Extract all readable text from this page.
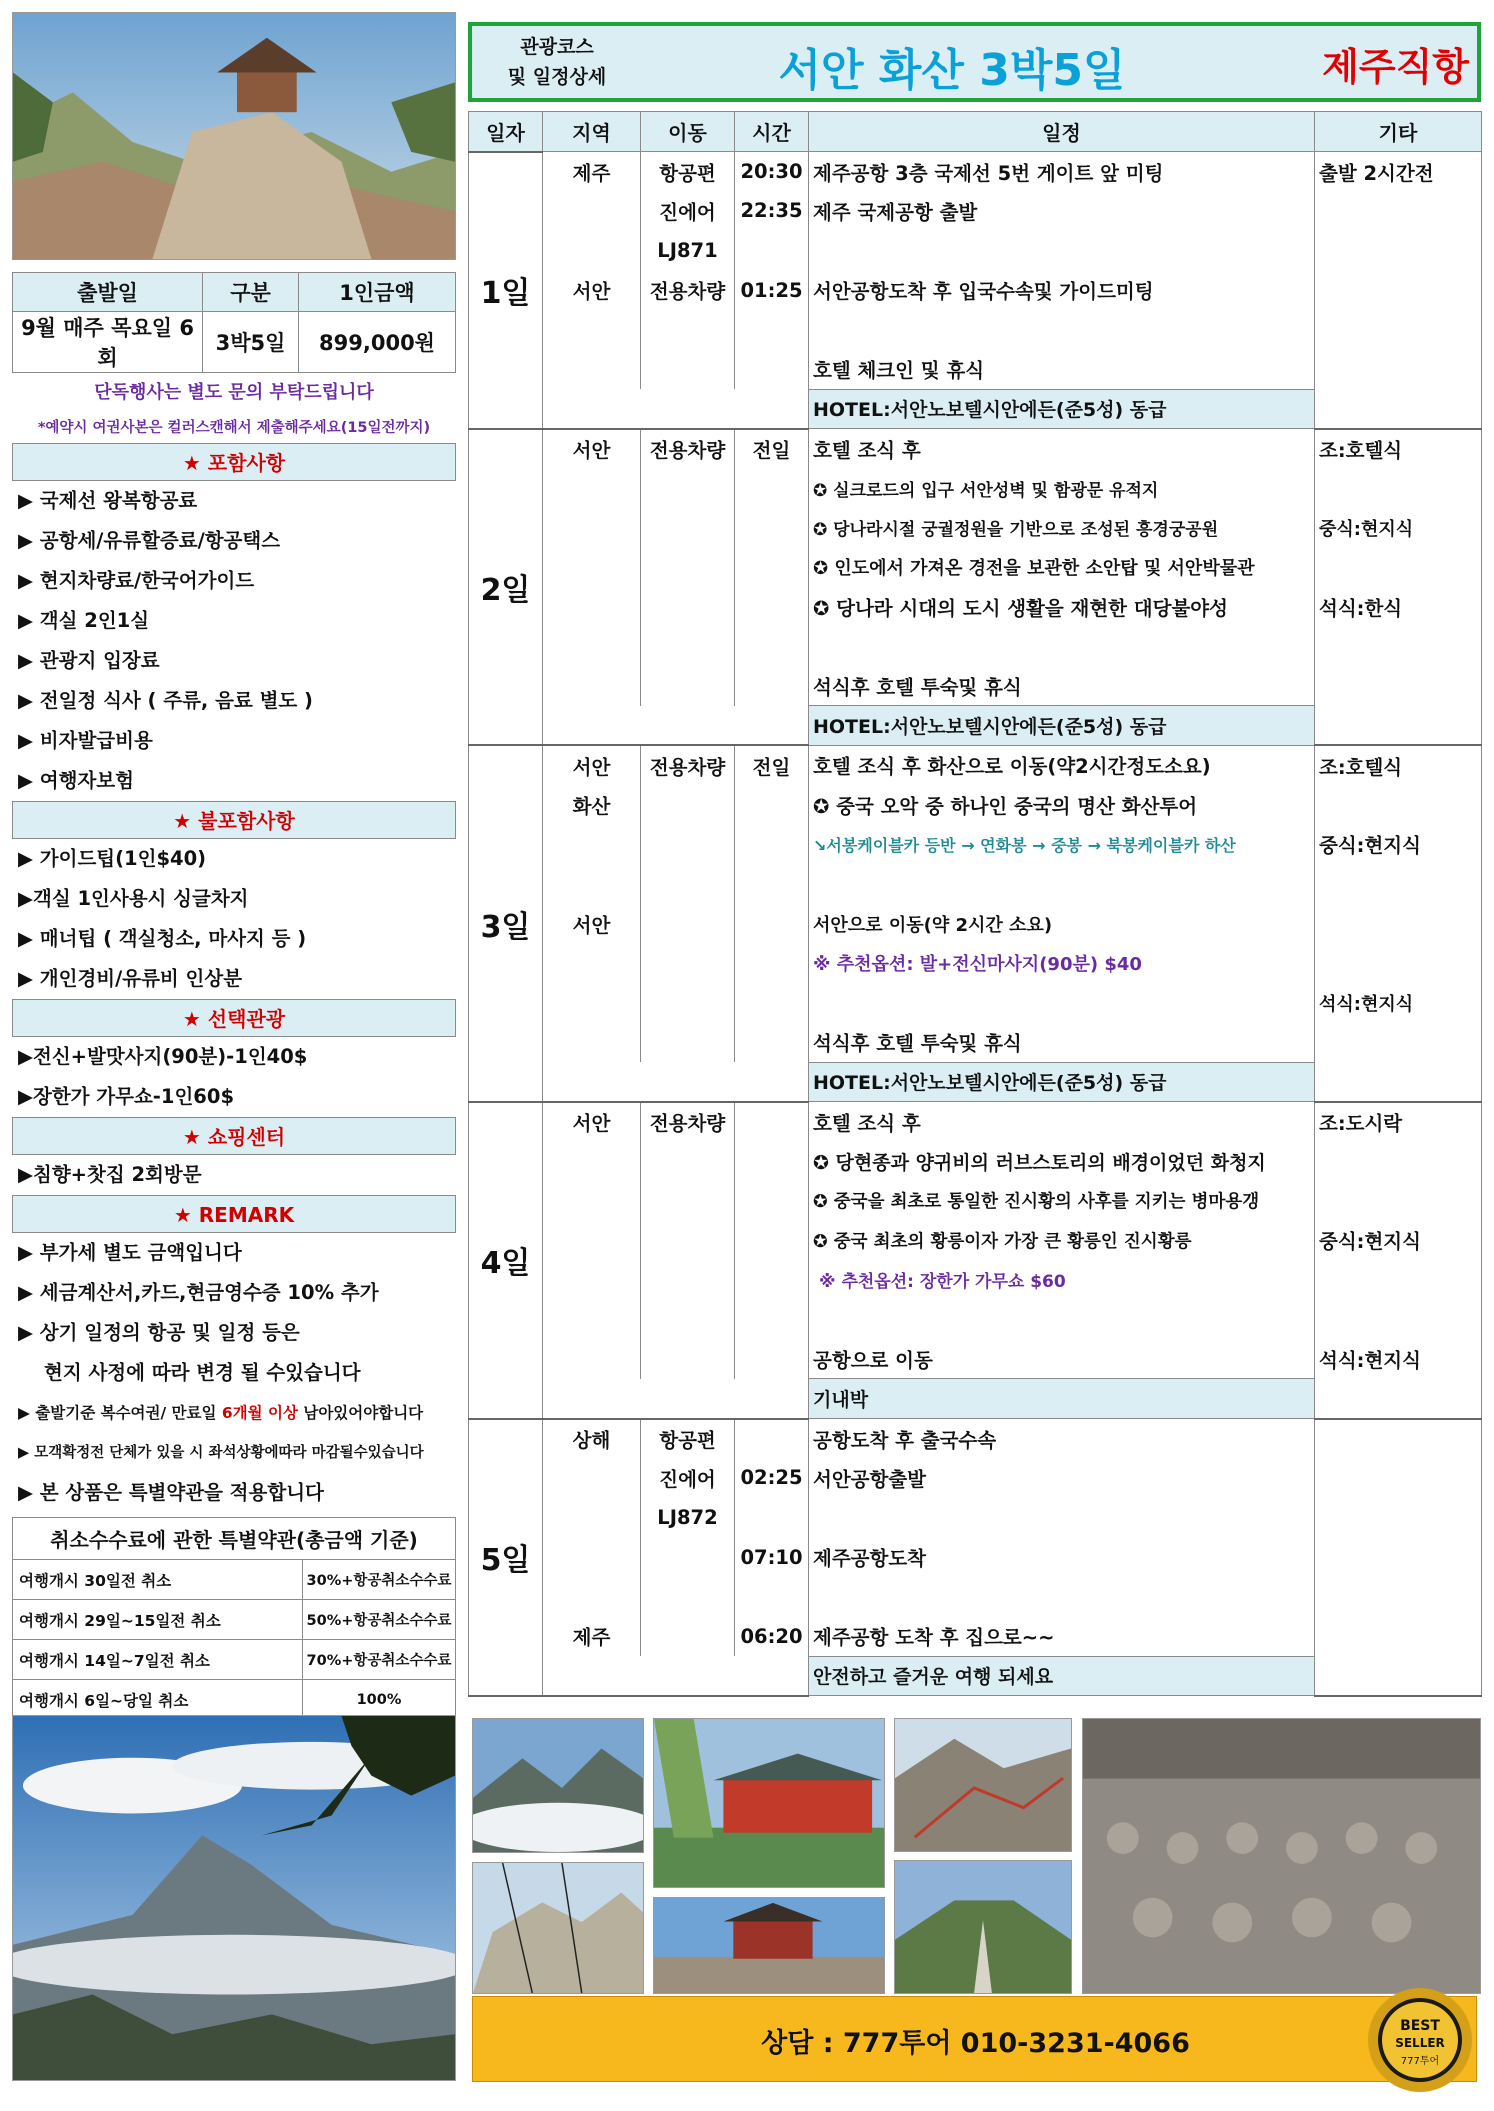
출발일	구분	1인금액
9월 매주 목요일 6회	3박5일	899,000원
단독행사는 별도 문의 부탁드립니다
*예약시 여권사본은 컬러스캔해서 제출해주세요(15일전까지)
★ 포함사항
▶ 국제선 왕복항공료
▶ 공항세/유류할증료/항공택스
▶ 현지차량료/한국어가이드
▶ 객실 2인1실
▶ 관광지 입장료
▶ 전일정 식사 ( 주류, 음료 별도 )
▶ 비자발급비용
▶ 여행자보험
★ 불포함사항
▶ 가이드팁(1인$40)
▶객실 1인사용시 싱글차지
▶ 매너팁 ( 객실청소, 마사지 등 )
▶ 개인경비/유류비 인상분
★ 선택관광
▶전신+발맛사지(90분)-1인40$
▶장한가 가무쇼-1인60$
★ 쇼핑센터
▶침향+찻집 2회방문
★ REMARK
▶ 부가세 별도 금액입니다
▶ 세금계산서,카드,현금영수증 10% 추가
▶ 상기 일정의 항공 및 일정 등은
현지 사정에 따라 변경 될 수있습니다
▶ 출발기준 복수여권/ 만료일 6개월 이상 남아있어야합니다
▶ 모객확정전 단체가 있을 시 좌석상황에따라 마감될수있습니다
▶ 본 상품은 특별약관을 적용합니다
취소수수료에 관한 특별약관(총금액 기준)	
여행개시 30일전 취소	30%+항공취소수수료
여행개시 29일~15일전 취소	50%+항공취소수수료
여행개시 14일~7일전 취소	70%+항공취소수수료
여행개시 6일~당일 취소	100%
관광코스
및 일정상세	서안 화산 3박5일	제주직항
일자	지역	이동	시간	일정	기타
1일	제주	항공편	20:30	제주공항 3층 국제선 5번 게이트 앞 미팅	출발 2시간전
		진에어	22:35	제주 국제공항 출발	
		LJ871			
	서안	전용차량	01:25	서안공항도착 후 입국수속및 가이드미팅	

				호텔 체크인 및 휴식	
				HOTEL:서안노보텔시안에든(준5성) 동급	
2일	서안	전용차량	전일	호텔 조식 후	조:호텔식
				✪ 실크로드의 입구 서안성벽 및 함광문 유적지	
				✪ 당나라시절 궁궐정원을 기반으로 조성된 흥경궁공원	중식:현지식
				✪ 인도에서 가져온 경전을 보관한 소안탑 및 서안박물관	
				✪ 당나라 시대의 도시 생활을 재현한 대당불야성	석식:한식

				석식후 호텔 투숙및 휴식	
				HOTEL:서안노보텔시안에든(준5성) 동급	
3일	서안	전용차량	전일	호텔 조식 후 화산으로 이동(약2시간정도소요)	조:호텔식
	화산			✪ 중국 오악 중 하나인 중국의 명산 화산투어	
				↘서봉케이블카 등반 → 연화봉 → 중봉 → 북봉케이블카 하산	중식:현지식

	서안			서안으로 이동(약 2시간 소요)	
				※ 추천옵션: 발+전신마사지(90분) $40	
					석식:현지식
				석식후 호텔 투숙및 휴식	
				HOTEL:서안노보텔시안에든(준5성) 동급	
4일	서안	전용차량		호텔 조식 후	조:도시락
				✪ 당현종과 양귀비의 러브스토리의 배경이었던 화청지	
				✪ 중국을 최초로 통일한 진시황의 사후를 지키는 병마용갱	
				✪ 중국 최초의 황릉이자 가장 큰 황릉인 진시황릉	중식:현지식
				※ 추천옵션: 장한가 가무쇼 $60	

				공항으로 이동	석식:현지식
				기내박	
5일	상해	항공편		공항도착 후 출국수속	
		진에어	02:25	서안공항출발	
		LJ872			
			07:10	제주공항도착	

	제주		06:20	제주공항 도착 후 집으로~~	
				안전하고 즐거운 여행 되세요	
상담 : 777투어 010-3231-4066
BEST
SELLER
777투어
